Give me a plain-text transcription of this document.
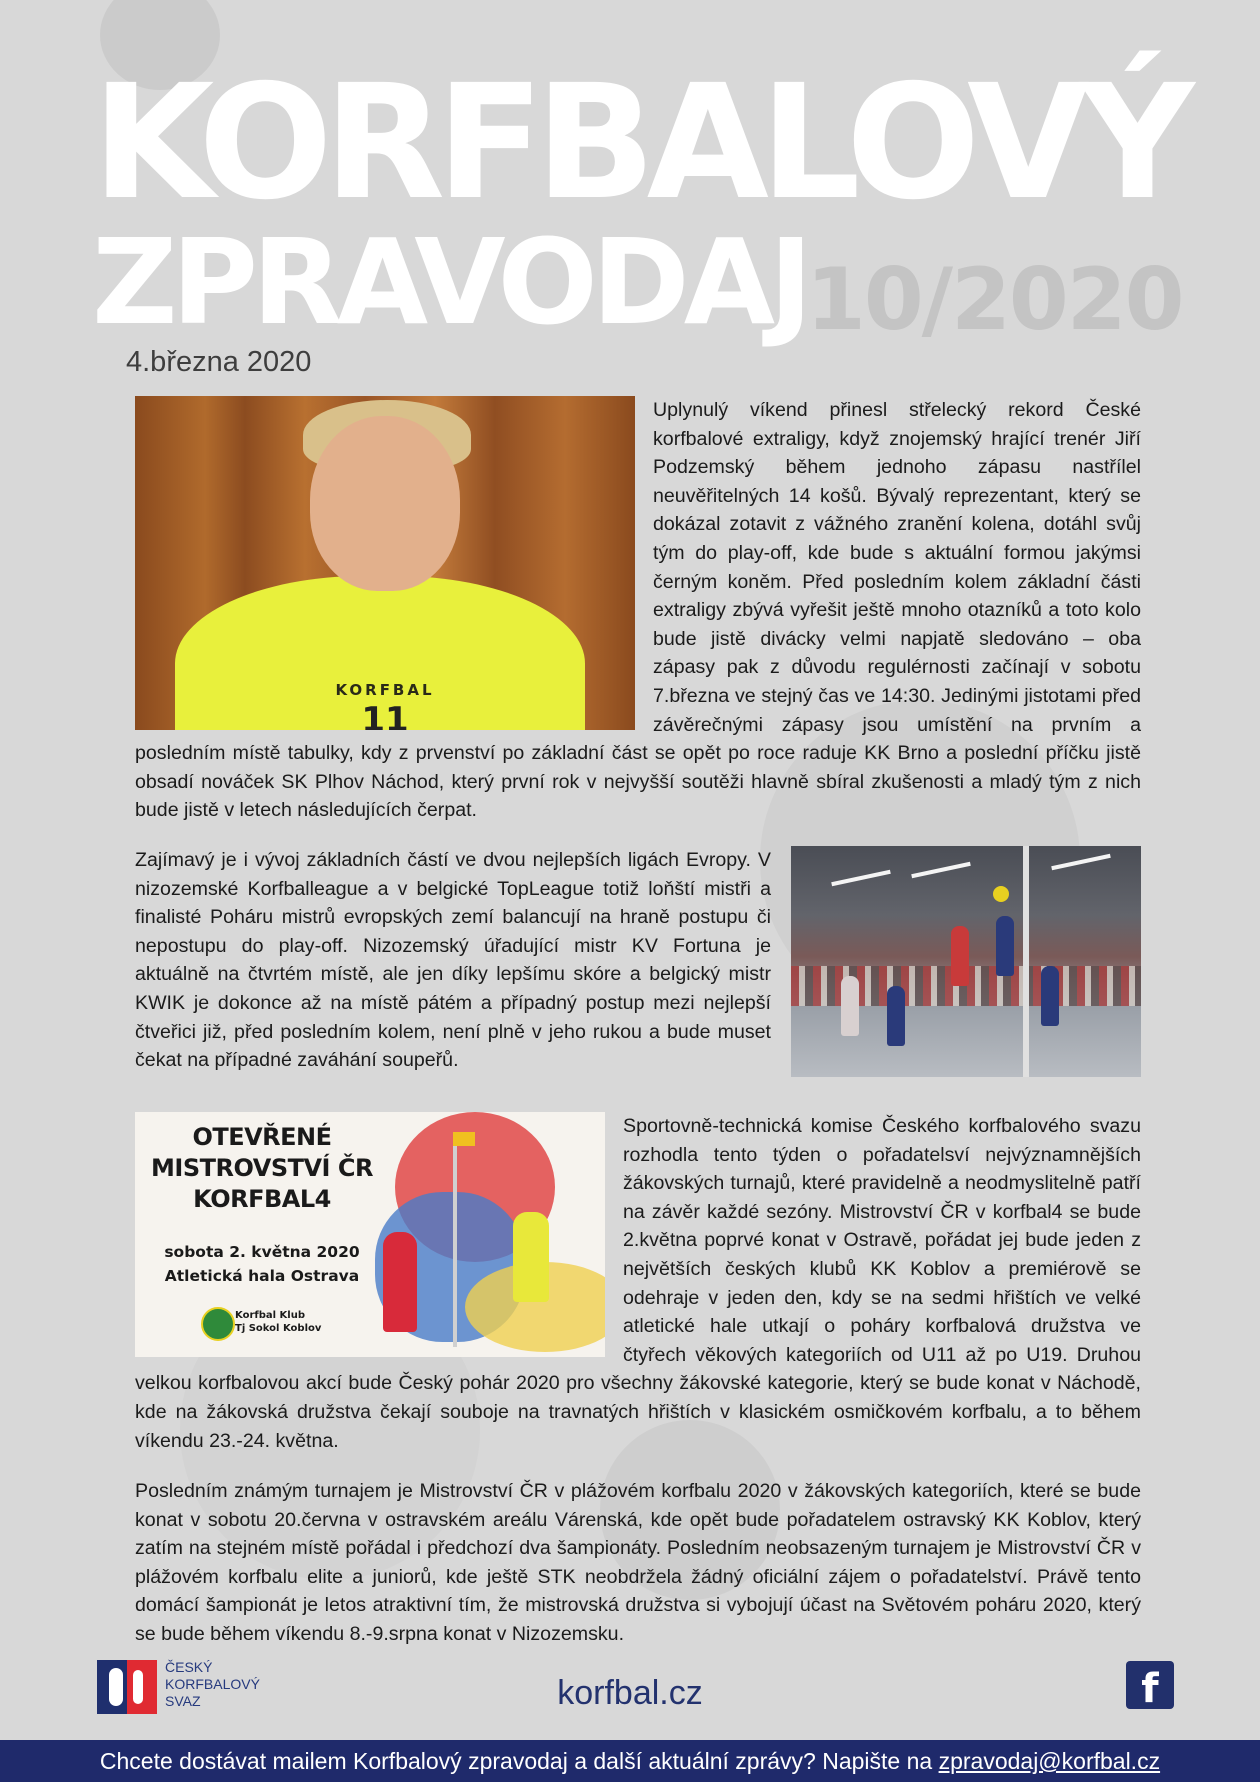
KORFBALOVÝ
ZPRAVODAJ 10/2020
4.března 2020
KORFBAL
11

Uplynulý víkend přinesl střelecký rekord České korfbalové extraligy, když znojemský hrající trenér Jiří Podzemský během jednoho zápasu nastřílel neuvěřitelných 14 košů. Bývalý reprezentant, který se dokázal zotavit z vážného zranění kolena, dotáhl svůj tým do play-off, kde bude s aktuální formou jakýmsi černým koněm. Před posledním kolem základní části extraligy zbývá vyřešit ještě mnoho otazníků a toto kolo bude jistě divácky velmi napjatě sledováno – oba zápasy pak z důvodu regulérnosti začínají v sobotu 7.března ve stejný čas ve 14:30. Jedinými jistotami před závěrečnými zápasy jsou umístění na prvním a posledním místě tabulky, kdy z prvenství po základní část se opět po roce raduje KK Brno a poslední příčku jistě obsadí nováček SK Plhov Náchod, který první rok v nejvyšší soutěži hlavně sbíral zkušenosti a mladý tým z nich bude jistě v letech následujících čerpat.

Zajímavý je i vývoj základních částí ve dvou nejlepších ligách Evropy. V nizozemské Korfballeague a v belgické TopLeague totiž loňští mistři a finalisté Poháru mistrů evropských zemí balancují na hraně postupu či nepostupu do play-off. Nizozemský úřadující mistr KV Fortuna je aktuálně na čtvrtém místě, ale jen díky lepšímu skóre a belgický mistr KWIK je dokonce až na místě pátém a případný postup mezi nejlepší čtveřici již, před posledním kolem, není plně v jeho rukou a bude muset čekat na případné zaváhání soupeřů.

OTEVŘENÉ
MISTROVSTVÍ ČR
KORFBAL4
sobota 2. května 2020
Atletická hala Ostrava
Korfbal Klub
Tj Sokol Koblov

Sportovně-technická komise Českého korfbalového svazu rozhodla tento týden o pořadatelsví nejvýznamnějších žákovských turnajů, které pravidelně a neodmyslitelně patří na závěr každé sezóny. Mistrovství ČR v korfbal4 se bude 2.května poprvé konat v Ostravě, pořádat jej bude jeden z největších českých klubů KK Koblov a premiérově se odehraje v jeden den, kdy se na sedmi hřištích ve velké atletické hale utkají o poháry korfbalová družstva ve čtyřech věkových kategoriích od U11 až po U19. Druhou velkou korfbalovou akcí bude Český pohár 2020 pro všechny žákovské kategorie, který se bude konat v Náchodě, kde na žákovská družstva čekají souboje na travnatých hřištích v klasickém osmičkovém korfbalu, a to během víkendu 23.-24. května.

Posledním známým turnajem je Mistrovství ČR v plážovém korfbalu 2020 v žákovských kategoriích, které se bude konat v sobotu 20.června v ostravském areálu Várenská, kde opět bude pořadatelem ostravský KK Koblov, který zatím na stejném místě pořádal i předchozí dva šampionáty. Posledním neobsazeným turnajem je Mistrovství ČR v plážovém korfbalu elite a juniorů, kde ještě STK neobdržela žádný oficiální zájem o pořadatelství. Právě tento domácí šampionát je letos atraktivní tím, že mistrovská družstva si vybojují účast na Světovém poháru 2020, který se bude během víkendu 8.-9.srpna konat v Nizozemsku.

ČESKÝ
KORFBALOVÝ
SVAZ	korfbal.cz	f
Chcete dostávat mailem Korfbalový zpravodaj a další aktuální zprávy? Napište na zpravodaj@korfbal.cz
